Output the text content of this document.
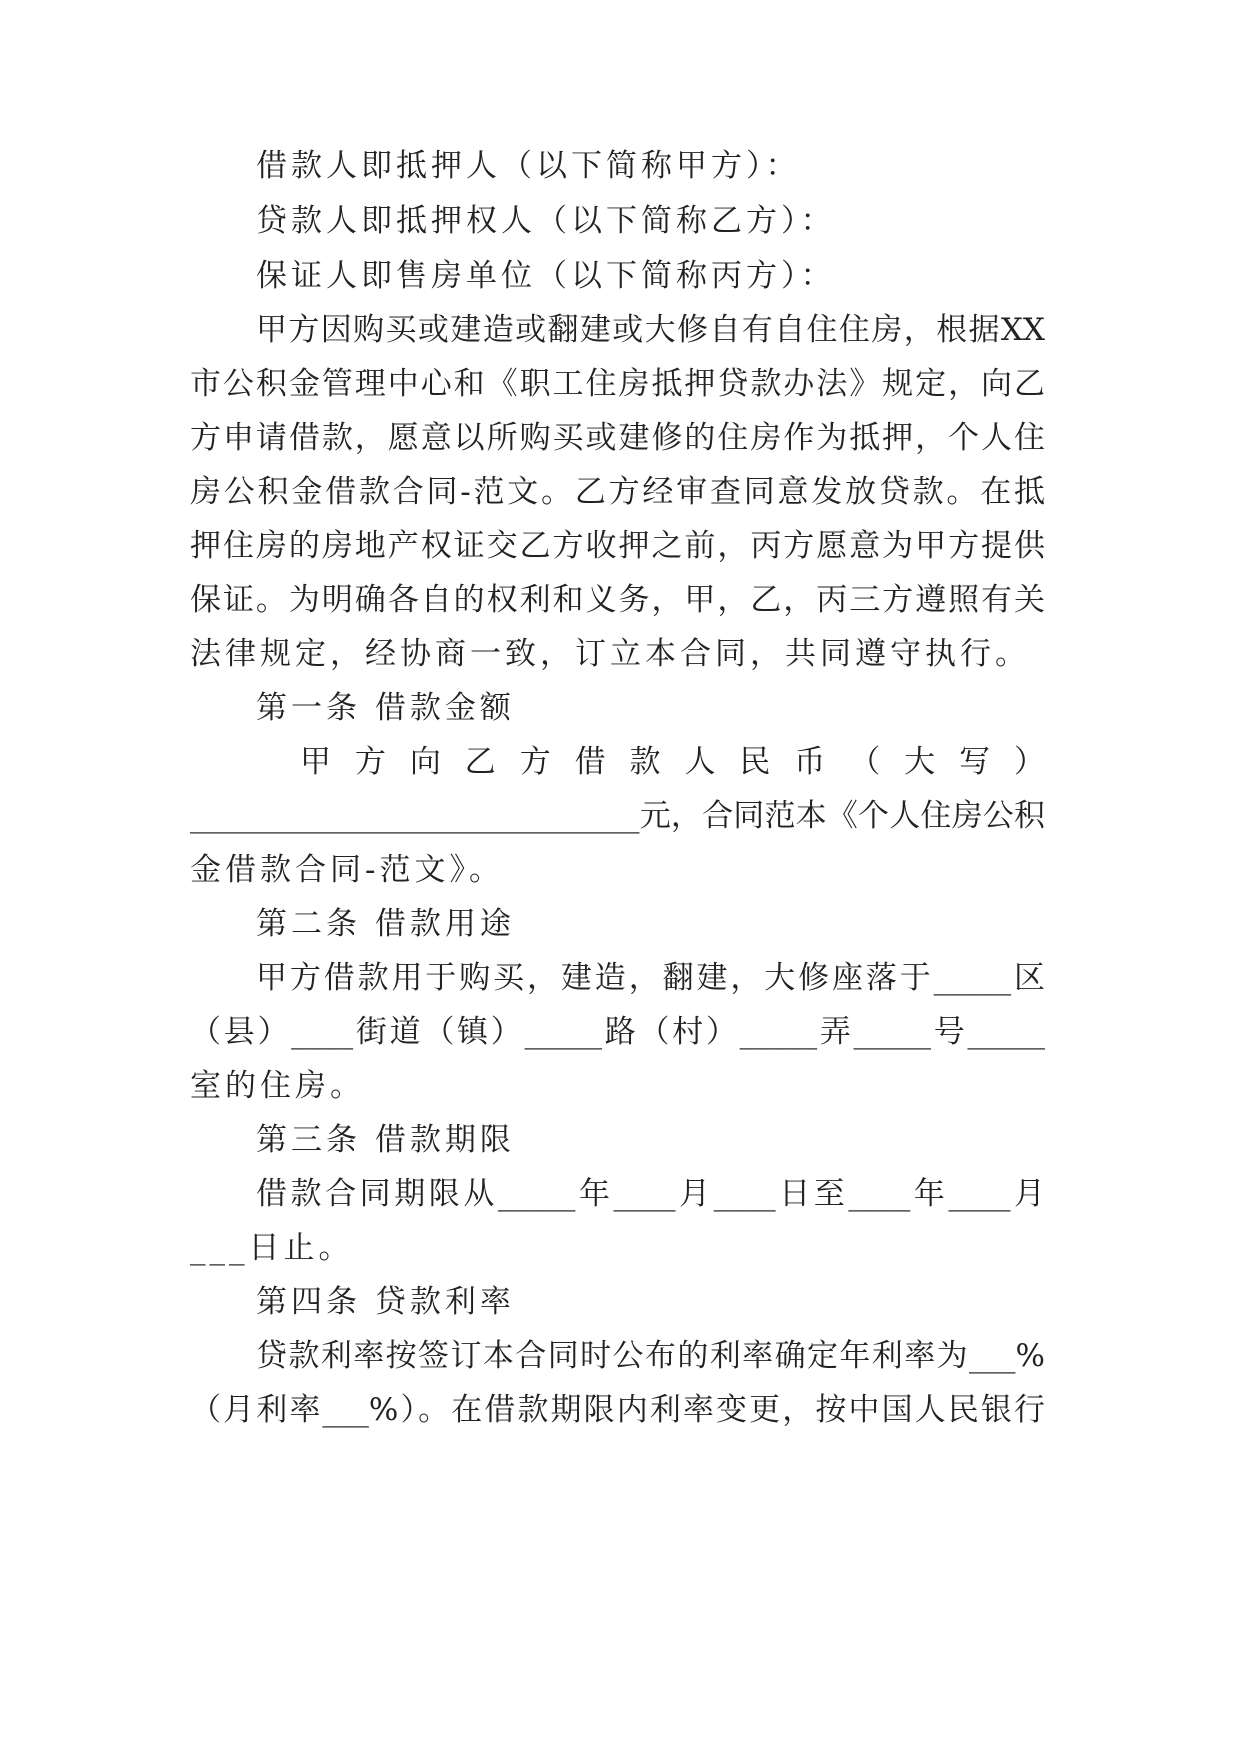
借款人即抵押人（以下简称甲方）：
贷款人即抵押权人（以下简称乙方）：
保证人即售房单位（以下简称丙方）：
甲方因购买或建造或翻建或大修自有自住住房，根据XX
市公积金管理中心和《职工住房抵押贷款办法》规定，向乙
方申请借款，愿意以所购买或建修的住房作为抵押，个人住
房公积金借款合同-范文。乙方经审查同意发放贷款。在抵
押住房的房地产权证交乙方收押之前，丙方愿意为甲方提供
保证。为明确各自的权利和义务，甲，乙，丙三方遵照有关
法律规定，经协商一致，订立本合同，共同遵守执行。
第一条 借款金额
甲方向乙方借款人民币（大写）
_____________________________元，合同范本《个人住房公积
金借款合同-范文》。
第二条 借款用途
甲方借款用于购买，建造，翻建，大修座落于_____区
（县）____街道（镇）_____路（村）_____弄_____号_____
室的住房。
第三条 借款期限
借款合同期限从_____年____月____日至____年____月
___日止。
第四条 贷款利率
贷款利率按签订本合同时公布的利率确定年利率为___%
（月利率___%）。在借款期限内利率变更，按中国人民银行
